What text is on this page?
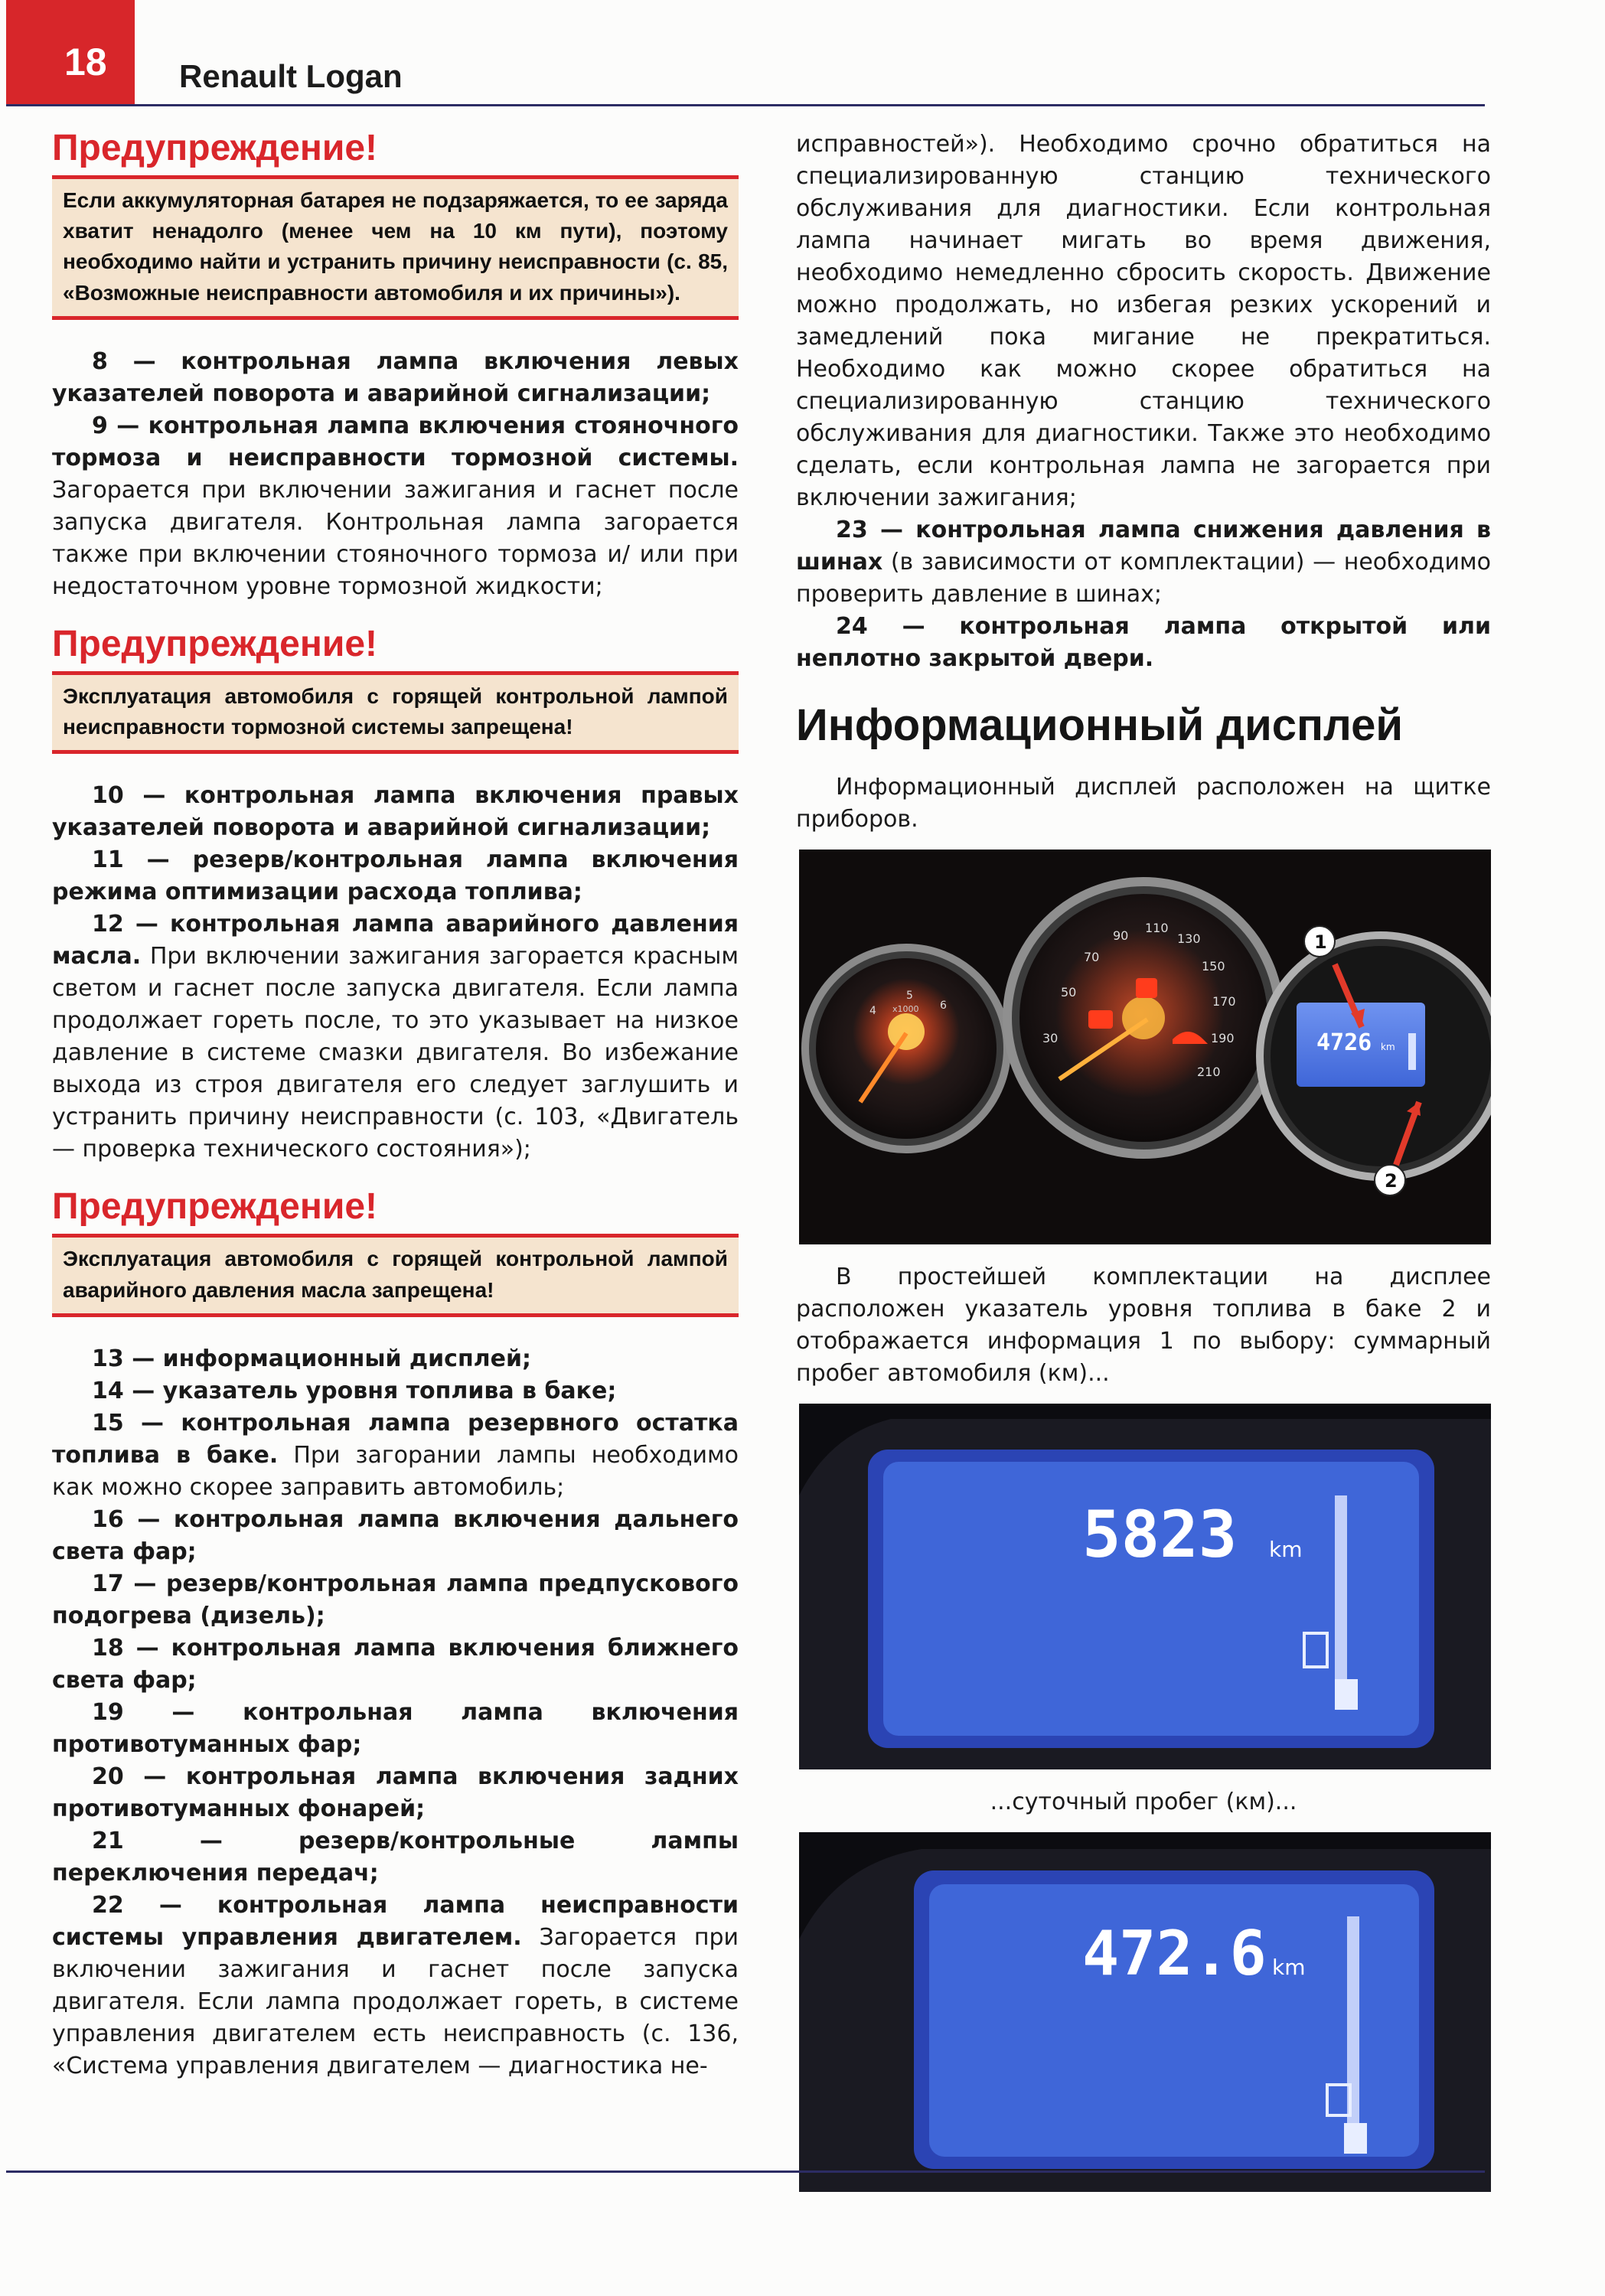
18 Renault Logan
Предупреждение!
Если аккумуляторная батарея не подзаряжается, то ее заряда хватит ненадолго (менее чем на 10 км пути), поэтому необходимо найти и устранить причину неисправности (с. 85, «Возможные неисправности автомобиля и их причины»).

8 — контрольная лампа включения левых указателей поворота и аварийной сигнализации;

9 — контрольная лампа включения стояночного тормоза и неисправности тормозной системы. Загорается при включении зажигания и гаснет после запуска двигателя. Контрольная лампа загорается также при включении стояночного тормоза и/ или при недостаточном уровне тормозной жидкости;

Предупреждение!
Эксплуатация автомобиля с горящей контрольной лампой неисправности тормозной системы запрещена!

10 — контрольная лампа включения правых указателей поворота и аварийной сигнализации;

11 — резерв/контрольная лампа включения режима оптимизации расхода топлива;

12 — контрольная лампа аварийного давления масла. При включении зажигания загорается красным светом и гаснет после запуска двигателя. Если лампа продолжает гореть после, то это указывает на низкое давление в системе смазки двигателя. Во избежание выхода из строя двигателя его следует заглушить и устранить причину неисправности (с. 103, «Двигатель — проверка технического состояния»);

Предупреждение!
Эксплуатация автомобиля с горящей контрольной лампой аварийного давления масла запрещена!

13 — информационный дисплей;

14 — указатель уровня топлива в баке;

15 — контрольная лампа резервного остатка топлива в баке. При загорании лампы необходимо как можно скорее заправить автомобиль;

16 — контрольная лампа включения дальнего света фар;

17 — резерв/контрольная лампа предпускового подогрева (дизель);

18 — контрольная лампа включения ближнего света фар;

19 — контрольная лампа включения противотуманных фар;

20 — контрольная лампа включения задних противотуманных фонарей;

21 — резерв/контрольные лампы переключения передач;

22 — контрольная лампа неисправности системы управления двигателем. Загорается при включении зажигания и гаснет после запуска двигателя. Если лампа продолжает гореть, в системе управления двигателем есть неисправность (с. 136, «Система управления двигателем — диагностика не-

исправностей»). Необходимо срочно обратиться на специализированную станцию технического обслуживания для диагностики. Если контрольная лампа начинает мигать во время движения, необходимо немедленно сбросить скорость. Движение можно продолжать, но избегая резких ускорений и замедлений пока мигание не прекратиться. Необходимо как можно скорее обратиться на специализированную станцию технического обслуживания для диагностики. Также это необходимо сделать, если контрольная лампа не загорается при включении зажигания;

23 — контрольная лампа снижения давления в шинах (в зависимости от комплектации) — необходимо проверить давление в шинах;

24 — контрольная лампа открытой или неплотно закрытой двери.

Информационный дисплей

Информационный дисплей расположен на щитке приборов.

4
5
6
x1000
30
50
70
90
110
130
150
170
190
210
4726 km
1
2

В простейшей комплектации на дисплее расположен указатель уровня топлива в баке 2 и отображается информация 1 по выбору: суммарный пробег автомобиля (км)...

5823 km

...суточный пробег (км)...

472.6 km
